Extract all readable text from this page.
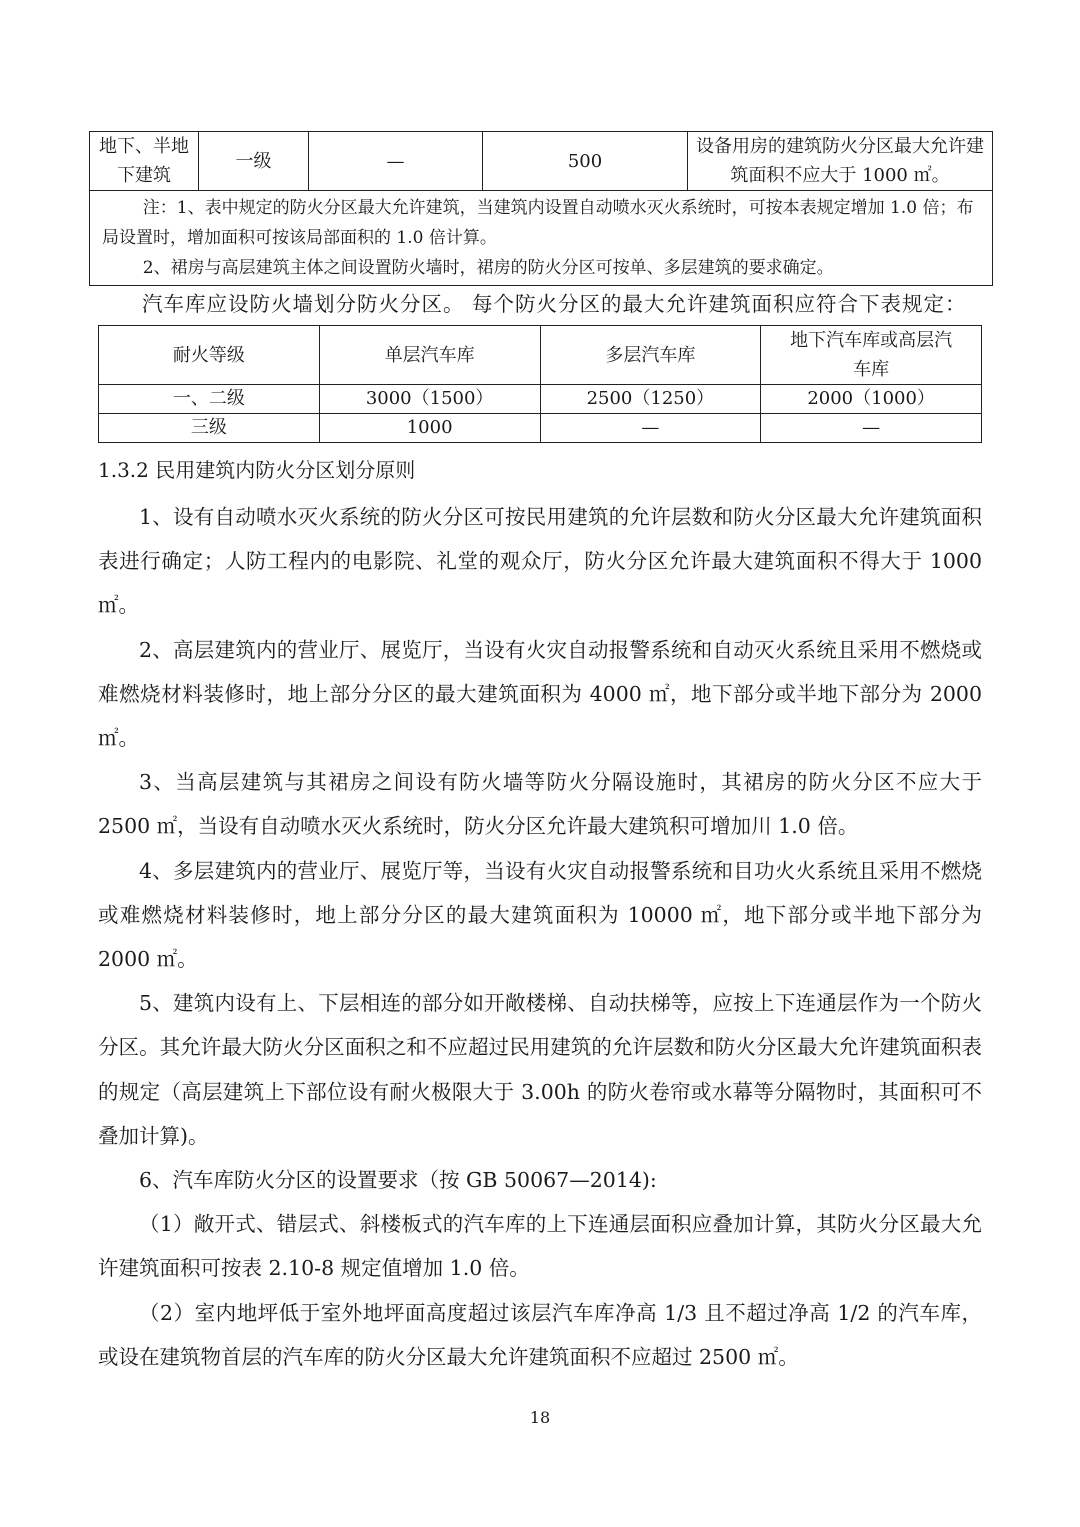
地下、半地下建筑	一级	—	500	设备用房的建筑防火分区最大允许建筑面积不应大于 1000 ㎡。

注：1、表中规定的防火分区最大允许建筑，当建筑内设置自动喷水灭火系统时，可按本表规定增加 1.0 倍；布局设置时，增加面积可按该局部面积的 1.0 倍计算。
2、裙房与高层建筑主体之间设置防火墙时，裙房的防火分区可按单、多层建筑的要求确定。

汽车库应设防火墙划分防火分区。 每个防火分区的最大允许建筑面积应符合下表规定：

耐火等级	单层汽车库	多层汽车库	地下汽车库或高层汽车库
一、二级	3000（1500）	2500（1250）	2000（1000）
三级	1000	—	—

1.3.2 民用建筑内防火分区划分原则

1、设有自动喷水灭火系统的防火分区可按民用建筑的允许层数和防火分区最大允许建筑面积表进行确定；人防工程内的电影院、礼堂的观众厅，防火分区允许最大建筑面积不得大于 1000 ㎡。

2、高层建筑内的营业厅、展览厅，当设有火灾自动报警系统和自动灭火系统且采用不燃烧或难燃烧材料装修时，地上部分分区的最大建筑面积为 4000 ㎡，地下部分或半地下部分为 2000 ㎡。

3、当高层建筑与其裙房之间设有防火墙等防火分隔设施时，其裙房的防火分区不应大于 2500 ㎡，当设有自动喷水灭火系统时，防火分区允许最大建筑积可增加川 1.0 倍。

4、多层建筑内的营业厅、展览厅等，当设有火灾自动报警系统和目功火火系统且采用不燃烧或难燃烧材料装修时，地上部分分区的最大建筑面积为 10000 ㎡，地下部分或半地下部分为 2000 ㎡。

5、建筑内设有上、下层相连的部分如开敞楼梯、自动扶梯等，应按上下连通层作为一个防火分区。其允许最大防火分区面积之和不应超过民用建筑的允许层数和防火分区最大允许建筑面积表的规定（高层建筑上下部位设有耐火极限大于 3.00h 的防火卷帘或水幕等分隔物时，其面积可不叠加计算)。

6、汽车库防火分区的设置要求（按 GB 50067—2014):

（1）敞开式、错层式、斜楼板式的汽车库的上下连通层面积应叠加计算，其防火分区最大允许建筑面积可按表 2.10-8 规定值增加 1.0 倍。

（2）室内地坪低于室外地坪面高度超过该层汽车库净高 1/3 且不超过净高 1/2 的汽车库，或设在建筑物首层的汽车库的防火分区最大允许建筑面积不应超过 2500 ㎡。

18
